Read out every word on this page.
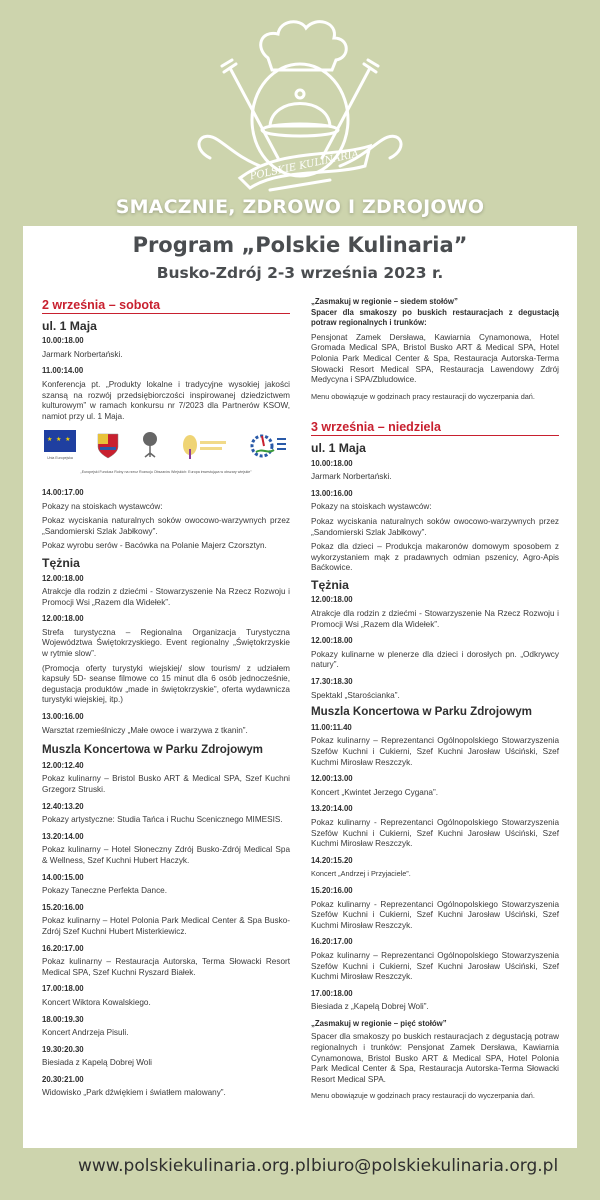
POLSKIE KULINARIA
SMACZNIE, ZDROWO I ZDROJOWO
Program „Polskie Kulinaria”
Busko-Zdrój 2-3 września 2023 r.
2 września – sobota
ul. 1 Maja
10.00:18.00
Jarmark Norbertański.
11.00:14.00
Konferencja pt. „Produkty lokalne i tradycyjne wysokiej jakości szansą na rozwój przedsiębiorczości inspirowanej dziedzictwem kulturowym” w ramach konkursu nr 7/2023 dla Partnerów KSOW, namiot przy ul. 1 Maja.
★ ★ ★
Unia Europejska
„Europejski Fundusz Rolny na rzecz Rozwoju Obszarów Wiejskich: Europa inwestująca w obszary wiejskie”
14.00:17.00
Pokazy na stoiskach wystawców:
Pokaz wyciskania naturalnych soków owocowo-warzywnych przez „Sandomierski Szlak Jabłkowy”.
Pokaz wyrobu serów - Bacówka na Polanie Majerz Czorsztyn.
Tężnia
12.00:18.00
Atrakcje dla rodzin z dziećmi - Stowarzyszenie Na Rzecz Rozwoju i Promocji Wsi „Razem dla Widełek”.
12.00:18.00
Strefa turystyczna – Regionalna Organizacja Turystyczna Województwa Świętokrzyskiego. Event regionalny „Świętokrzyskie w rytmie slow”.
(Promocja oferty turystyki wiejskiej/ slow tourism/ z udziałem kapsuły 5D- seanse filmowe co 15 minut dla 6 osób jednocześnie, degustacja produktów „made in świętokrzyskie”, oferta wydawnicza turystyki wiejskiej, itp.)
13.00:16.00
Warsztat rzemieślniczy „Małe owoce i warzywa z tkanin”.
Muszla Koncertowa w Parku Zdrojowym
12.00:12.40
Pokaz kulinarny – Bristol Busko ART & Medical SPA, Szef Kuchni Grzegorz Struski.
12.40:13.20
Pokazy artystyczne: Studia Tańca i Ruchu Scenicznego MIMESIS.
13.20:14.00
Pokaz kulinarny – Hotel Słoneczny Zdrój Busko-Zdrój Medical Spa & Wellness, Szef Kuchni Hubert Haczyk.
14.00:15.00
Pokazy Taneczne Perfekta Dance.
15.20:16.00
Pokaz kulinarny – Hotel Polonia Park Medical Center & Spa Busko-Zdrój Szef Kuchni Hubert Misterkiewicz.
16.20:17.00
Pokaz kulinarny – Restauracja Autorska, Terma Słowacki Resort Medical SPA, Szef Kuchni Ryszard Białek.
17.00:18.00
Koncert Wiktora Kowalskiego.
18.00:19.30
Koncert Andrzeja Pisuli.
19.30:20.30
Biesiada z Kapelą Dobrej Woli
20.30:21.00
Widowisko „Park dźwiękiem i światłem malowany”.
„Zasmakuj w regionie – siedem stołów”
Spacer dla smakoszy po buskich restauracjach z degustacją potraw regionalnych i trunków:
Pensjonat Zamek Dersława, Kawiarnia Cynamonowa, Hotel Gromada Medical SPA, Bristol Busko ART & Medical SPA, Hotel Polonia Park Medical Center & Spa, Restauracja Autorska-Terma Słowacki Resort Medical SPA, Restauracja Lawendowy Zdrój Medycyna i SPA/Zbludowice.
Menu obowiązuje w godzinach pracy restauracji do wyczerpania dań.
3 września – niedziela
ul. 1 Maja
10.00:18.00
Jarmark Norbertański.
13.00:16.00
Pokazy na stoiskach wystawców:
Pokaz wyciskania naturalnych soków owocowo-warzywnych przez „Sandomierski Szlak Jabłkowy”.
Pokaz dla dzieci – Produkcja makaronów domowym sposobem z wykorzystaniem mąk z pradawnych odmian pszenicy, Agro-Apis Baćkowice.
Tężnia
12.00:18.00
Atrakcje dla rodzin z dziećmi - Stowarzyszenie Na Rzecz Rozwoju i Promocji Wsi „Razem dla Widełek”.
12.00:18.00
Pokazy kulinarne w plenerze dla dzieci i dorosłych pn. „Odkrywcy natury”.
17.30:18.30
Spektakl „Starościanka”.
Muszla Koncertowa w Parku Zdrojowym
11.00:11.40
Pokaz kulinarny – Reprezentanci Ogólnopolskiego Stowarzyszenia Szefów Kuchni i Cukierni, Szef Kuchni Jarosław Uściński, Szef Kuchmi Mirosław Reszczyk.
12.00:13.00
Koncert „Kwintet Jerzego Cygana”.
13.20:14.00
Pokaz kulinarny - Reprezentanci Ogólnopolskiego Stowarzyszenia Szefów Kuchni i Cukierni, Szef Kuchni Jarosław Uściński, Szef Kuchmi Mirosław Reszczyk.
14.20:15.20
Koncert „Andrzej i Przyjaciele”.
15.20:16.00
Pokaz kulinarny - Reprezentanci Ogólnopolskiego Stowarzyszenia Szefów Kuchni i Cukierni, Szef Kuchni Jarosław Uściński, Szef Kuchmi Mirosław Reszczyk.
16.20:17.00
Pokaz kulinarny – Reprezentanci Ogólnopolskiego Stowarzyszenia Szefów Kuchni i Cukierni, Szef Kuchni Jarosław Uściński, Szef Kuchmi Mirosław Reszczyk.
17.00:18.00
Biesiada z „Kapelą Dobrej Woli”.
„Zasmakuj w regionie – pięć stołów”
Spacer dla smakoszy po buskich restauracjach z degustacją potraw regionalnych i trunków: Pensjonat Zamek Dersława, Kawiarnia Cynamonowa, Bristol Busko ART & Medical SPA, Hotel Polonia Park Medical Center & Spa, Restauracja Autorska-Terma Słowacki Resort Medical SPA.
Menu obowiązuje w godzinach pracy restauracji do wyczerpania dań.
www.polskiekulinaria.org.pl biuro@polskiekulinaria.org.pl
